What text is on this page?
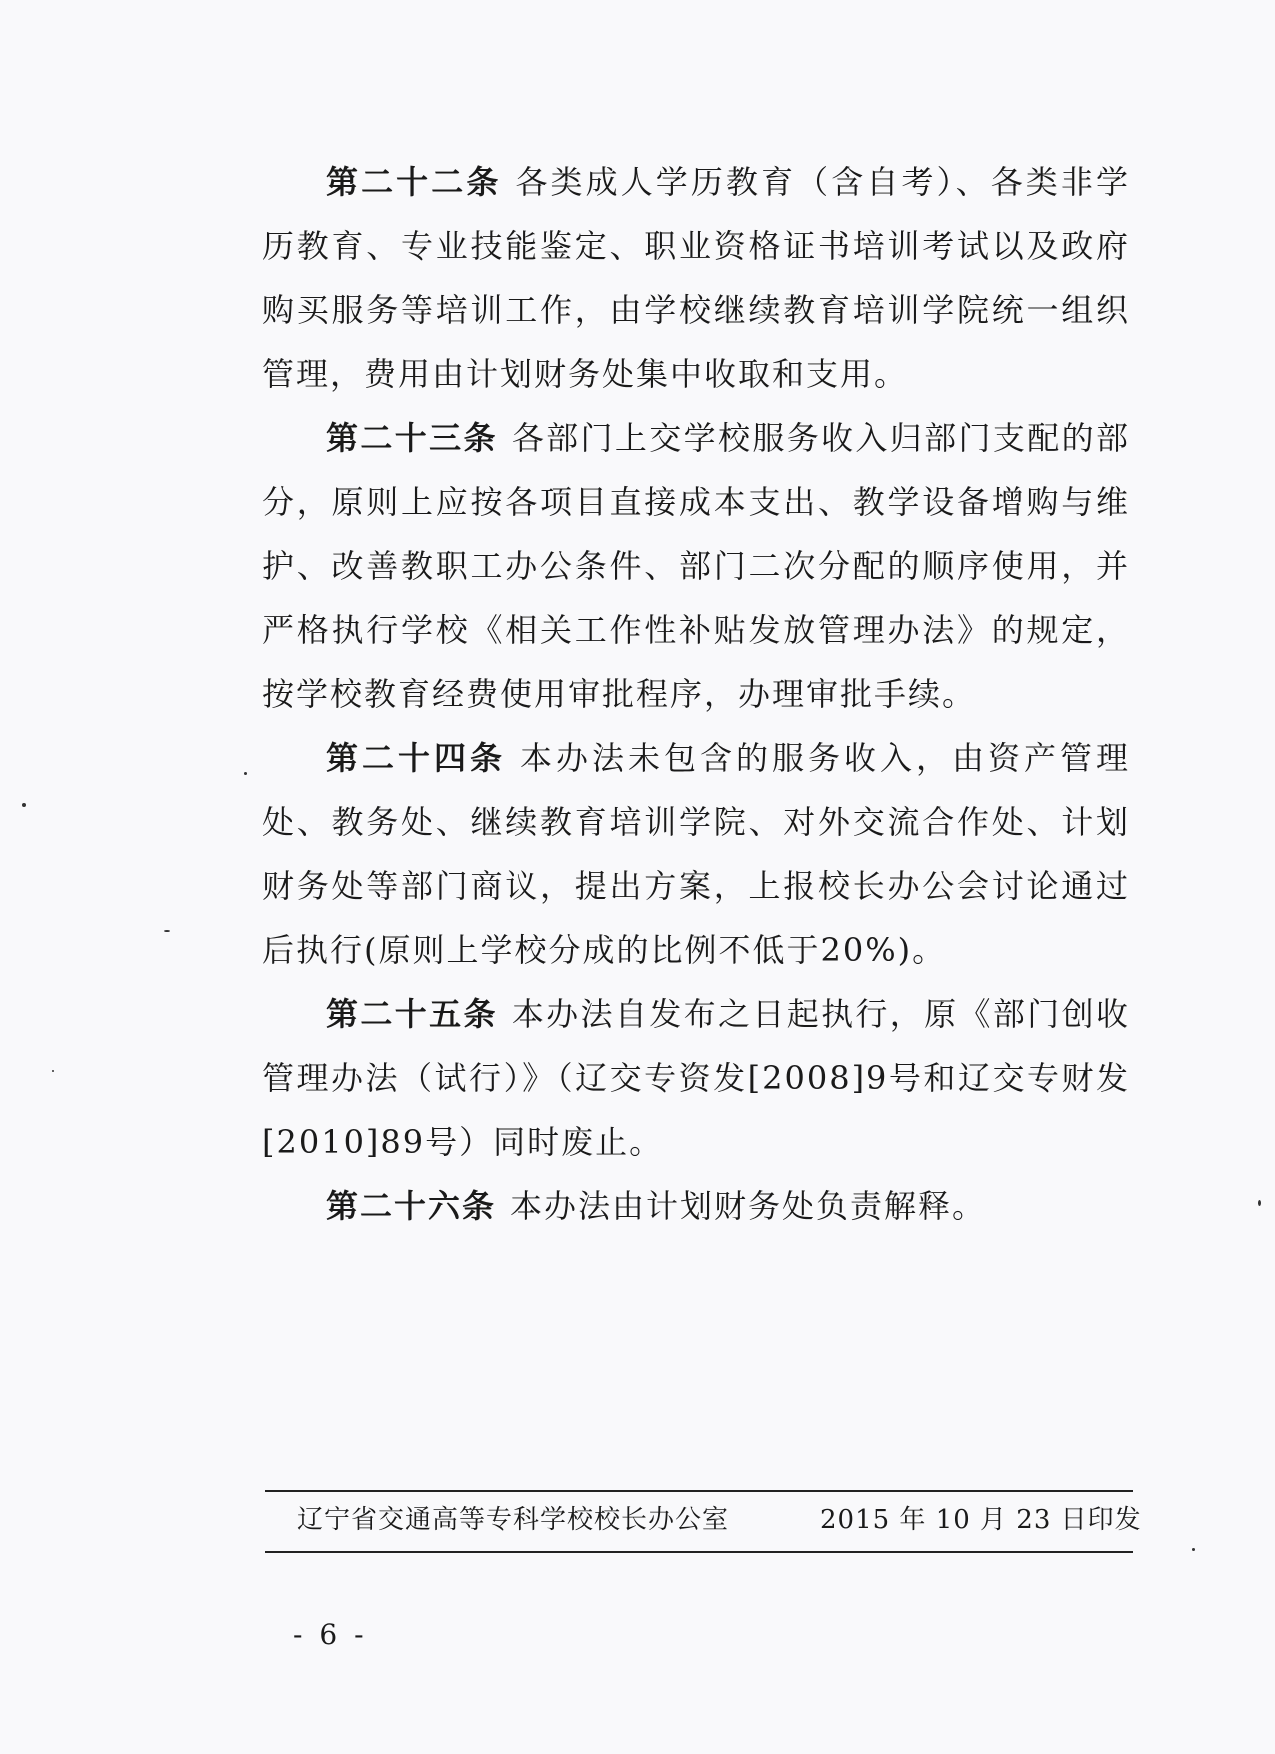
第二十二条 各类成人学历教育（含自考）、各类非学历教育、专业技能鉴定、职业资格证书培训考试以及政府购买服务等培训工作，由学校继续教育培训学院统一组织管理，费用由计划财务处集中收取和支用。

第二十三条 各部门上交学校服务收入归部门支配的部分，原则上应按各项目直接成本支出、教学设备增购与维护、改善教职工办公条件、部门二次分配的顺序使用，并严格执行学校《相关工作性补贴发放管理办法》的规定，按学校教育经费使用审批程序，办理审批手续。

第二十四条 本办法未包含的服务收入，由资产管理处、教务处、继续教育培训学院、对外交流合作处、计划财务处等部门商议，提出方案，上报校长办公会讨论通过后执行(原则上学校分成的比例不低于20%)。

第二十五条 本办法自发布之日起执行，原《部门创收管理办法（试行）》（辽交专资发[2008]9号和辽交专财发[2010]89号）同时废止。

第二十六条 本办法由计划财务处负责解释。

辽宁省交通高等专科学校校长办公室	2015 年 10 月 23 日印发
- 6 -
